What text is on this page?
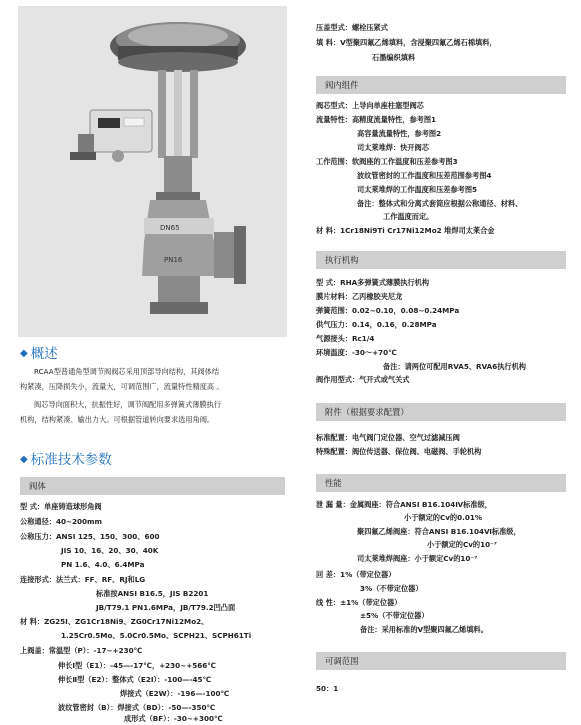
DN65
PN16
◆ 概述
RCAA型普通角型调节阀阀芯采用顶部导向结构，其阀体结
构紧凑，压降损失小，流量大，可调范围广，流量特性精度高 。
阀芯导向面积大，抗振性好，调节阀配用多弹簧式薄膜执行
机构，结构紧凑、输出力大。可根据管道转向要求选用角阀。
◆ 标准技术参数
阀体
型 式：单座铸造球形角阀
公称通径：40~200mm
公称压力：ANSI 125、150、300、600
JIS 10、16、20、30、40K
PN 1.6、4.0、6.4MPa
连接形式：法兰式：FF、RF、RJ和LG
标准按ANSI B16.5，JIS B2201
JB/T79.1 PN1.6MPa，JB/T79.2凹凸面
材 料：ZG25I、ZG1Cr18Ni9、ZG0Cr17Ni12Mo2、
1.25Cr0.5Mo、5.0Cr0.5Mo、SCPH21、SCPH61Ti
上阀盖：常温型（P）：-17~+230℃
伸长Ⅰ型（E1）：-45—-17℃，+230~+566℃
伸长Ⅱ型（E2）：整体式（E2I）：-100—-45℃
焊接式（E2W）：-196—-100℃
波纹管密封（B）：焊接式（BD）：-50—-350℃
成形式（BF）：-30~+300℃
压盖型式：螺栓压紧式
填 料：V型聚四氟乙烯填料，含浸聚四氟乙烯石棉填料，
石墨编织填料
阀内组件
阀芯型式：上导向单座柱塞型阀芯
流量特性：高精度流量特性，参考图1
高容量流量特性，参考图2
司太莱堆焊：快开阀芯
工作范围：软阀座的工作温度和压差参考图3
波纹管密封的工作温度和压差范围参考图4
司太莱堆焊的工作温度和压差参考图5
备注：整体式和分离式套筒应根据公称通径、材料、
工作温度而定。
材 料：1Cr18Ni9Ti Cr17Ni12Mo2 堆焊司太莱合金
执行机构
型 式：RHA多弹簧式薄膜执行机构
膜片材料：乙丙橡胶夹尼龙
弹簧范围：0.02~0.10，0.08~0.24MPa
供气压力：0.14，0.16，0.28MPa
气源接头：Rc1/4
环境温度：-30～+70℃
备注：请两位可配用RVA5、RVA6执行机构
阀作用型式：气开式或气关式
附件（根据要求配置）
标准配置：电气阀门定位器、空气过滤减压阀
特殊配置：阀位传送器、保位阀、电磁阀、手轮机构
性能
泄 漏 量：金属阀座：符合ANSI B16.104Ⅳ标准级，
小于额定的Cv的0.01%
聚四氟乙烯阀座：符合ANSI B16.104Ⅵ标准级，
小于额定的Cv的10⁻⁷
司太莱堆焊阀座：小于额定Cv的10⁻⁷
回 差：1%（带定位器）
3%（不带定位器）
线 性：±1%（带定位器）
±5%（不带定位器）
备注：采用标准的V型聚四氟乙烯填料。
可调范围
50：1
